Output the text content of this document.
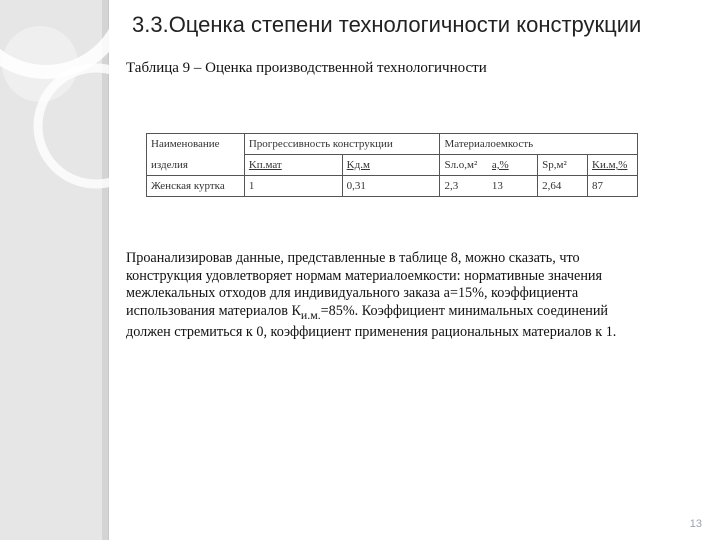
3.3.Оценка степени технологичности конструкции
Таблица 9 – Оценка производственной технологичности
Наименование	Прогрессивность конструкции		Материалоемкость			
изделия	Kп.мат	Kд.м	Sл.о,м²	а,%	Sр,м²	Kи.м,%
Женская куртка	1	0,31	2,3	13	2,64	87

Проанализировав данные, представленные в таблице 8, можно сказать, что

конструкция удовлетворяет нормам материалоемкости: нормативные значения

межлекальных отходов для индивидуального заказа а=15%, коэффициента

использования материалов $К_{и.м.}=85\%$. Коэффициент минимальных соединений

должен стремиться к 0, коэффициент применения рациональных материалов к 1.

13
